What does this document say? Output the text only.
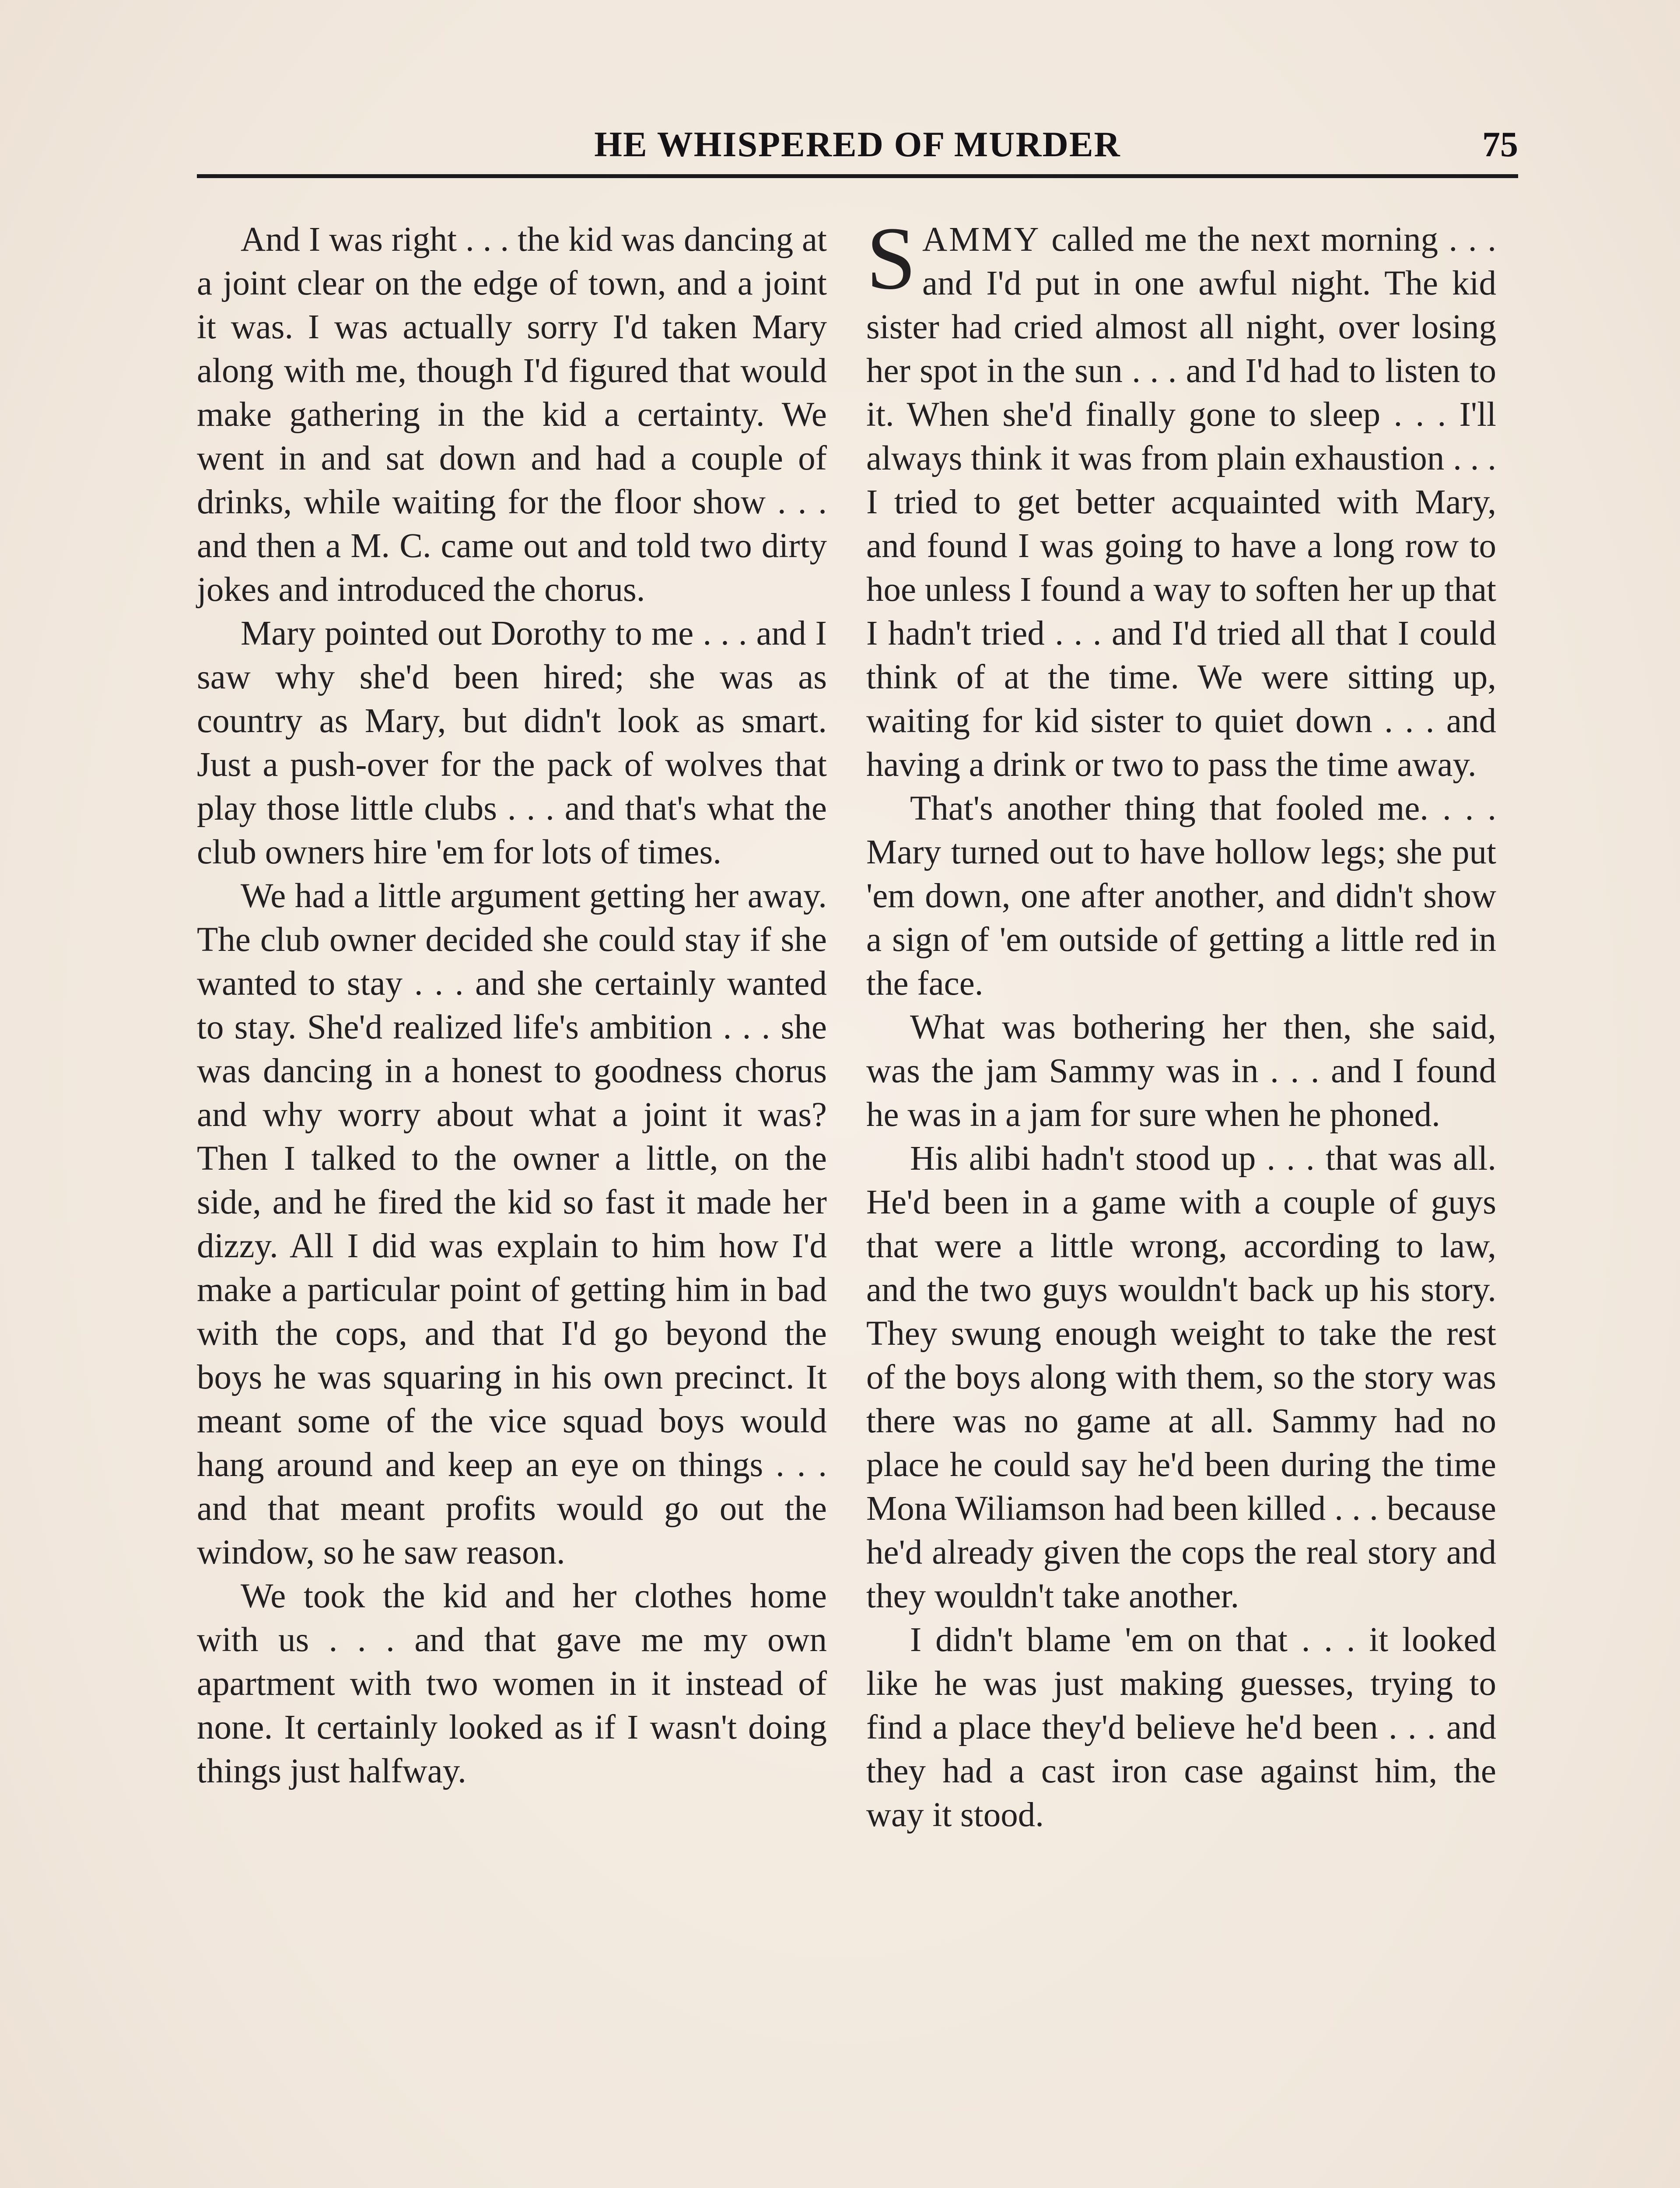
HE WHISPERED OF MURDER	75

And I was right . . . the kid was dancing at a joint clear on the edge of town, and a joint it was. I was actually sorry I'd taken Mary along with me, though I'd figured that would make gathering in the kid a certainty. We went in and sat down and had a couple of drinks, while waiting for the floor show . . . and then a M. C. came out and told two dirty jokes and introduced the chorus.

Mary pointed out Dorothy to me . . . and I saw why she'd been hired; she was as country as Mary, but didn't look as smart. Just a push-over for the pack of wolves that play those little clubs . . . and that's what the club owners hire 'em for lots of times.

We had a little argument getting her away. The club owner decided she could stay if she wanted to stay . . . and she certainly wanted to stay. She'd realized life's ambition . . . she was dancing in a honest to goodness chorus and why worry about what a joint it was? Then I talked to the owner a little, on the side, and he fired the kid so fast it made her dizzy. All I did was explain to him how I'd make a particular point of getting him in bad with the cops, and that I'd go beyond the boys he was squaring in his own precinct. It meant some of the vice squad boys would hang around and keep an eye on things . . . and that meant profits would go out the window, so he saw reason.

We took the kid and her clothes home with us . . . and that gave me my own apartment with two women in it instead of none. It certainly looked as if I wasn't doing things just halfway.

SAMMY called me the next morning . . . and I'd put in one awful night. The kid sister had cried almost all night, over losing her spot in the sun . . . and I'd had to listen to it. When she'd finally gone to sleep . . . I'll always think it was from plain exhaustion . . . I tried to get better acquainted with Mary, and found I was going to have a long row to hoe unless I found a way to soften her up that I hadn't tried . . . and I'd tried all that I could think of at the time. We were sitting up, waiting for kid sister to quiet down . . . and having a drink or two to pass the time away.

That's another thing that fooled me. . . . Mary turned out to have hollow legs; she put 'em down, one after another, and didn't show a sign of 'em outside of getting a little red in the face.

What was bothering her then, she said, was the jam Sammy was in . . . and I found he was in a jam for sure when he phoned.

His alibi hadn't stood up . . . that was all. He'd been in a game with a couple of guys that were a little wrong, according to law, and the two guys wouldn't back up his story. They swung enough weight to take the rest of the boys along with them, so the story was there was no game at all. Sammy had no place he could say he'd been during the time Mona Wiliamson had been killed . . . because he'd already given the cops the real story and they wouldn't take another.

I didn't blame 'em on that . . . it looked like he was just making guesses, trying to find a place they'd believe he'd been . . . and they had a cast iron case against him, the way it stood.
